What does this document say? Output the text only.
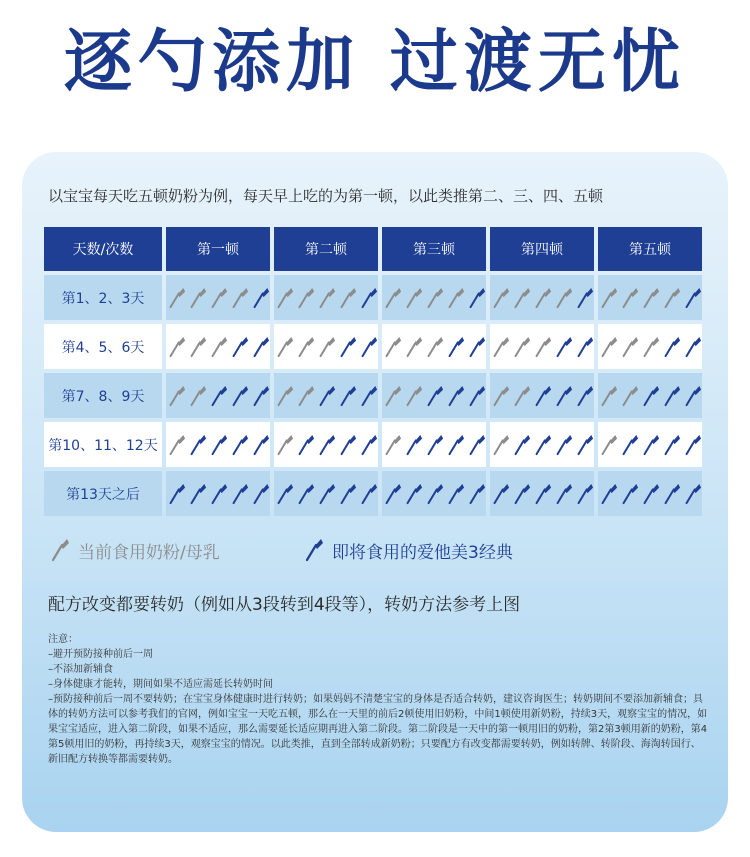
逐勺添加 过渡无忧
以宝宝每天吃五顿奶粉为例，每天早上吃的为第一顿，以此类推第二、三、四、五顿
天数/次数	第一顿	第二顿	第三顿	第四顿	第五顿
第1、2、3天
第4、5、6天
第7、8、9天
第10、11、12天
第13天之后
当前食用奶粉/母乳	即将食用的爱他美3经典
配方改变都要转奶（例如从3段转到4段等），转奶方法参考上图
注意：
–避开预防接种前后一周
–不添加新辅食
–身体健康才能转，期间如果不适应需延长转奶时间
–预防接种前后一周不要转奶；在宝宝身体健康时进行转奶；如果妈妈不清楚宝宝的身体是否适合转奶，建议咨询医生；转奶期间不要添加新辅食；具体的转奶方法可以参考我们的官网，例如宝宝一天吃五顿，那么在一天里的前后2顿使用旧奶粉，中间1顿使用新奶粉，持续3天，观察宝宝的情况，如果宝宝适应，进入第二阶段，如果不适应，那么需要延长适应期再进入第二阶段。第二阶段是一天中的第一顿用旧的奶粉，第2第3顿用新的奶粉，第4第5顿用旧的奶粉，再持续3天，观察宝宝的情况。以此类推，直到全部转成新奶粉；只要配方有改变都需要转奶，例如转牌、转阶段、海淘转国行、新旧配方转换等都需要转奶。
